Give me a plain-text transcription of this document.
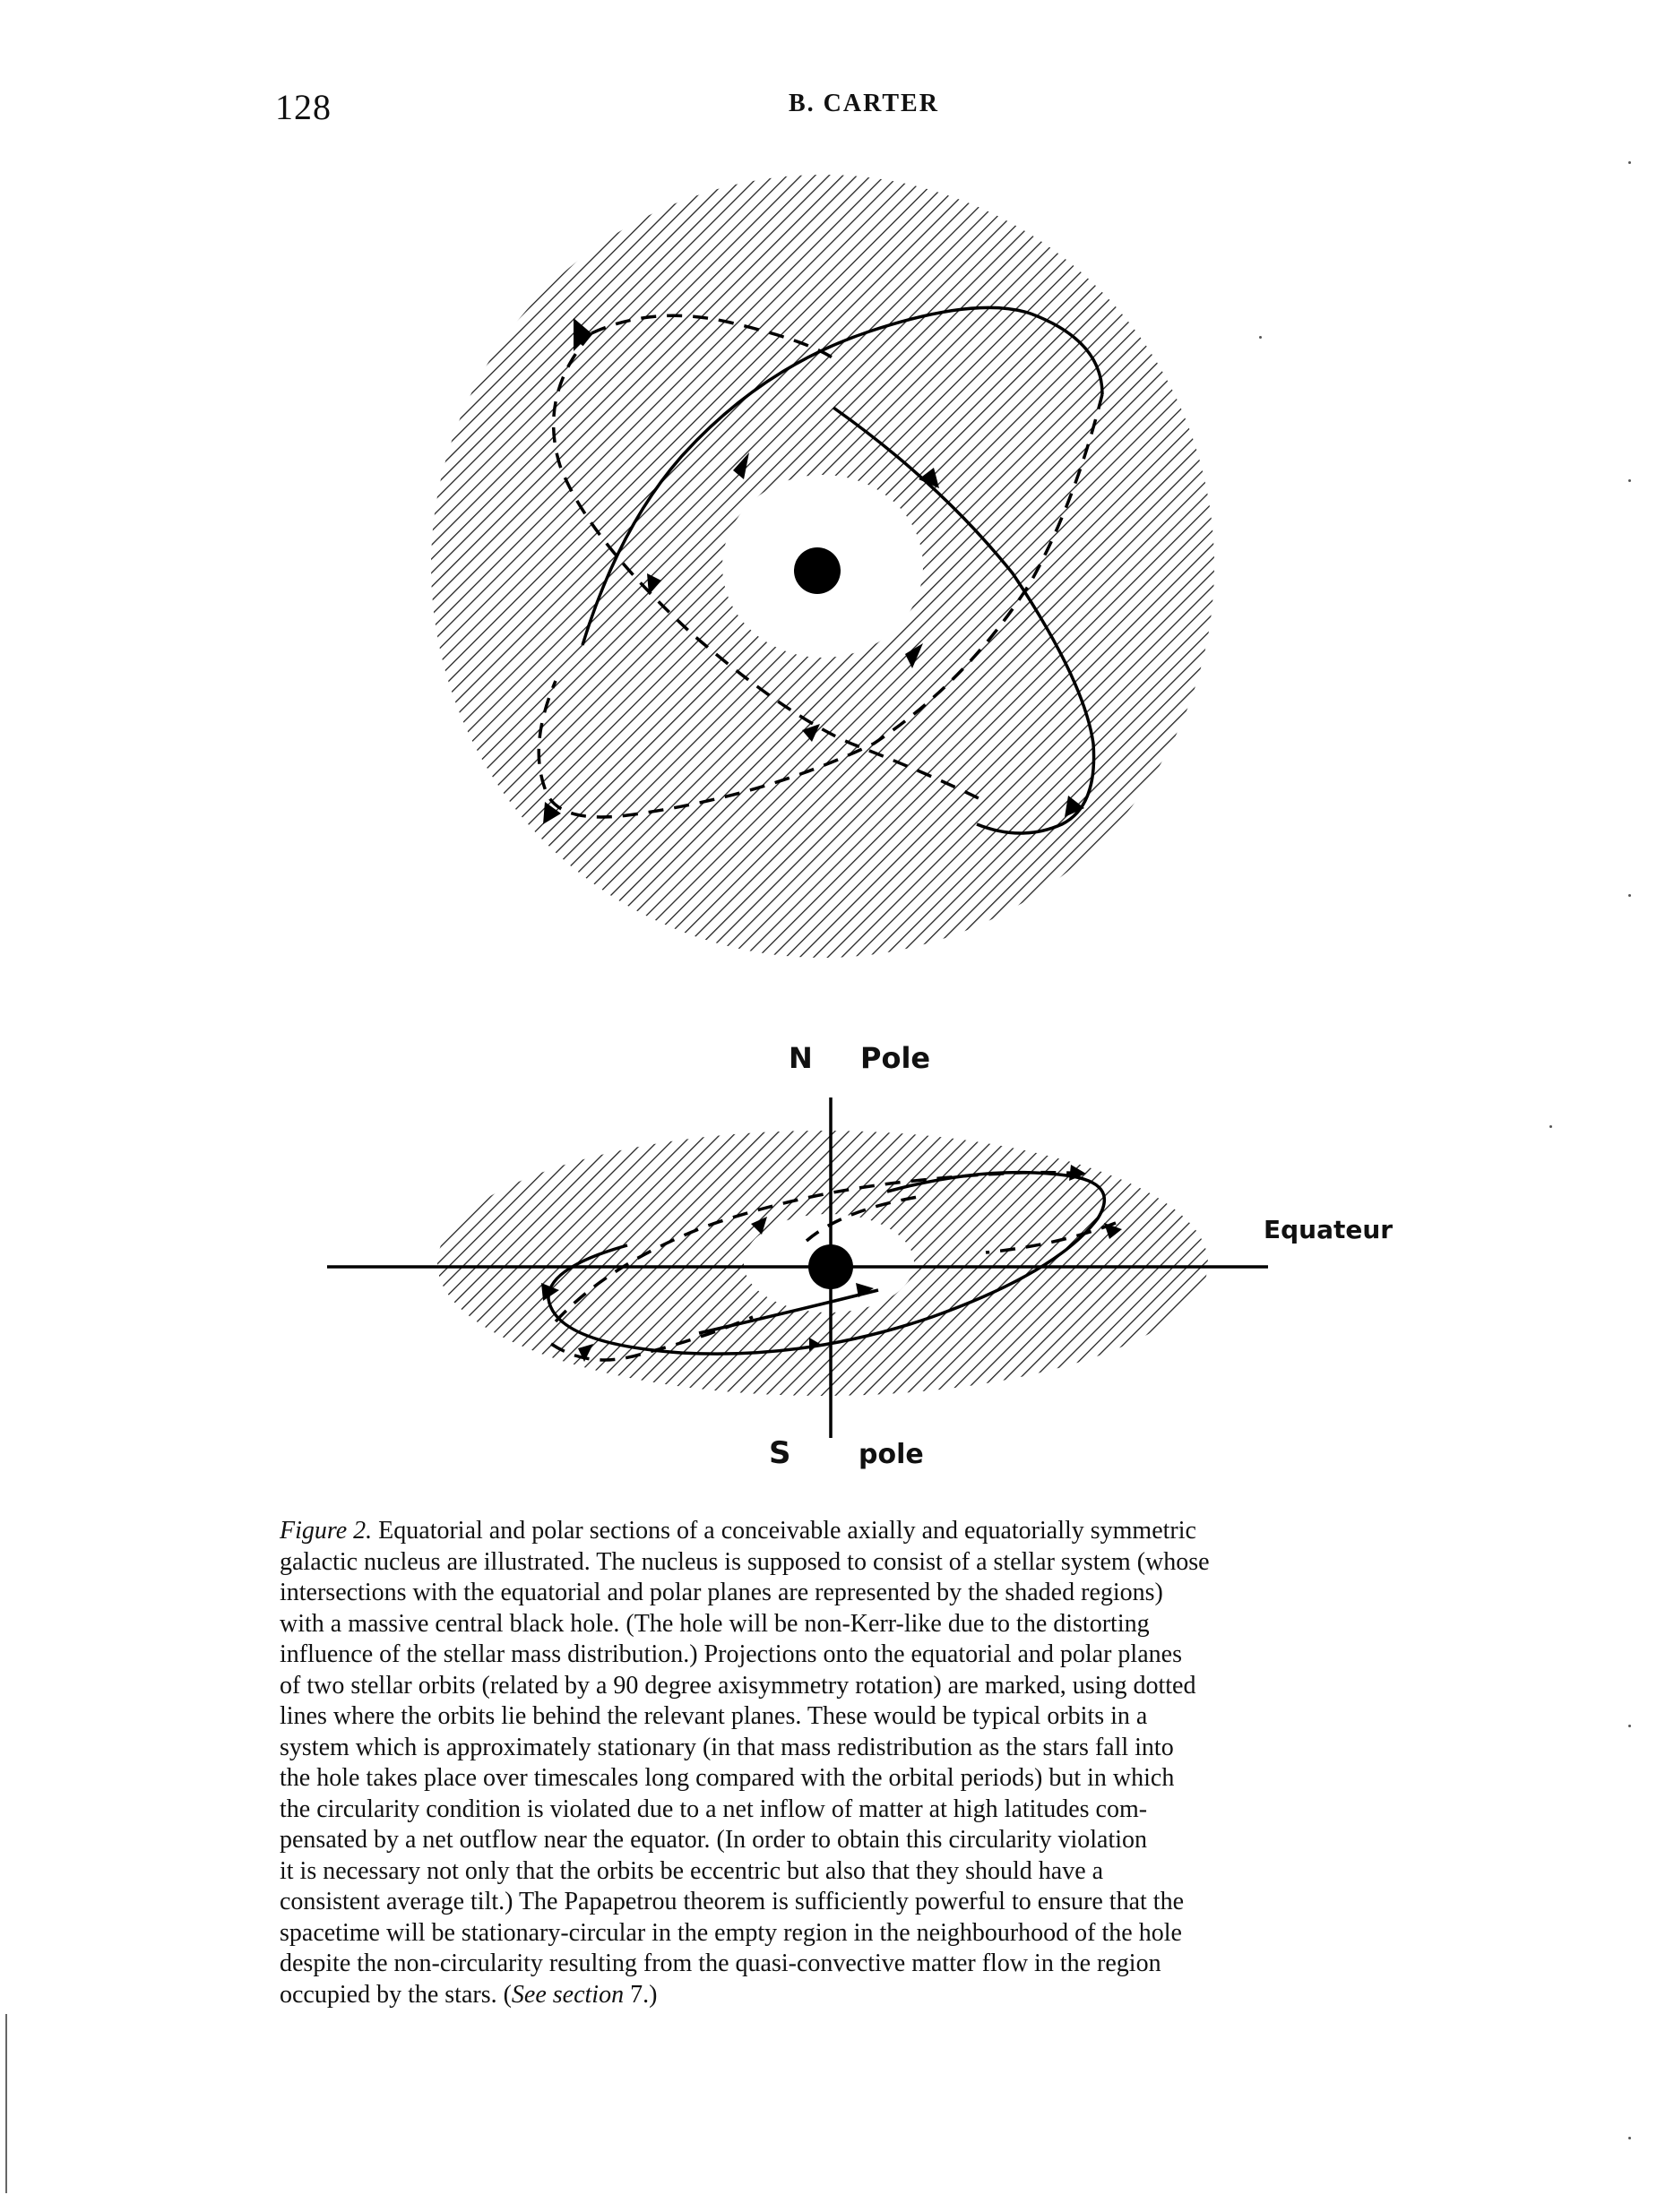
128	B. CARTER
N Pole
S	pole
Equateur
Figure 2. Equatorial and polar sections of a conceivable axially and equatorially symmetric
galactic nucleus are illustrated. The nucleus is supposed to consist of a stellar system (whose
intersections with the equatorial and polar planes are represented by the shaded regions)
with a massive central black hole. (The hole will be non-Kerr-like due to the distorting
influence of the stellar mass distribution.) Projections onto the equatorial and polar planes
of two stellar orbits (related by a 90 degree axisymmetry rotation) are marked, using dotted
lines where the orbits lie behind the relevant planes. These would be typical orbits in a
system which is approximately stationary (in that mass redistribution as the stars fall into
the hole takes place over timescales long compared with the orbital periods) but in which
the circularity condition is violated due to a net inflow of matter at high latitudes com-
pensated by a net outflow near the equator. (In order to obtain this circularity violation
it is necessary not only that the orbits be eccentric but also that they should have a
consistent average tilt.) The Papapetrou theorem is sufficiently powerful to ensure that the
spacetime will be stationary-circular in the empty region in the neighbourhood of the hole
despite the non-circularity resulting from the quasi-convective matter flow in the region
occupied by the stars. (See section 7.)
